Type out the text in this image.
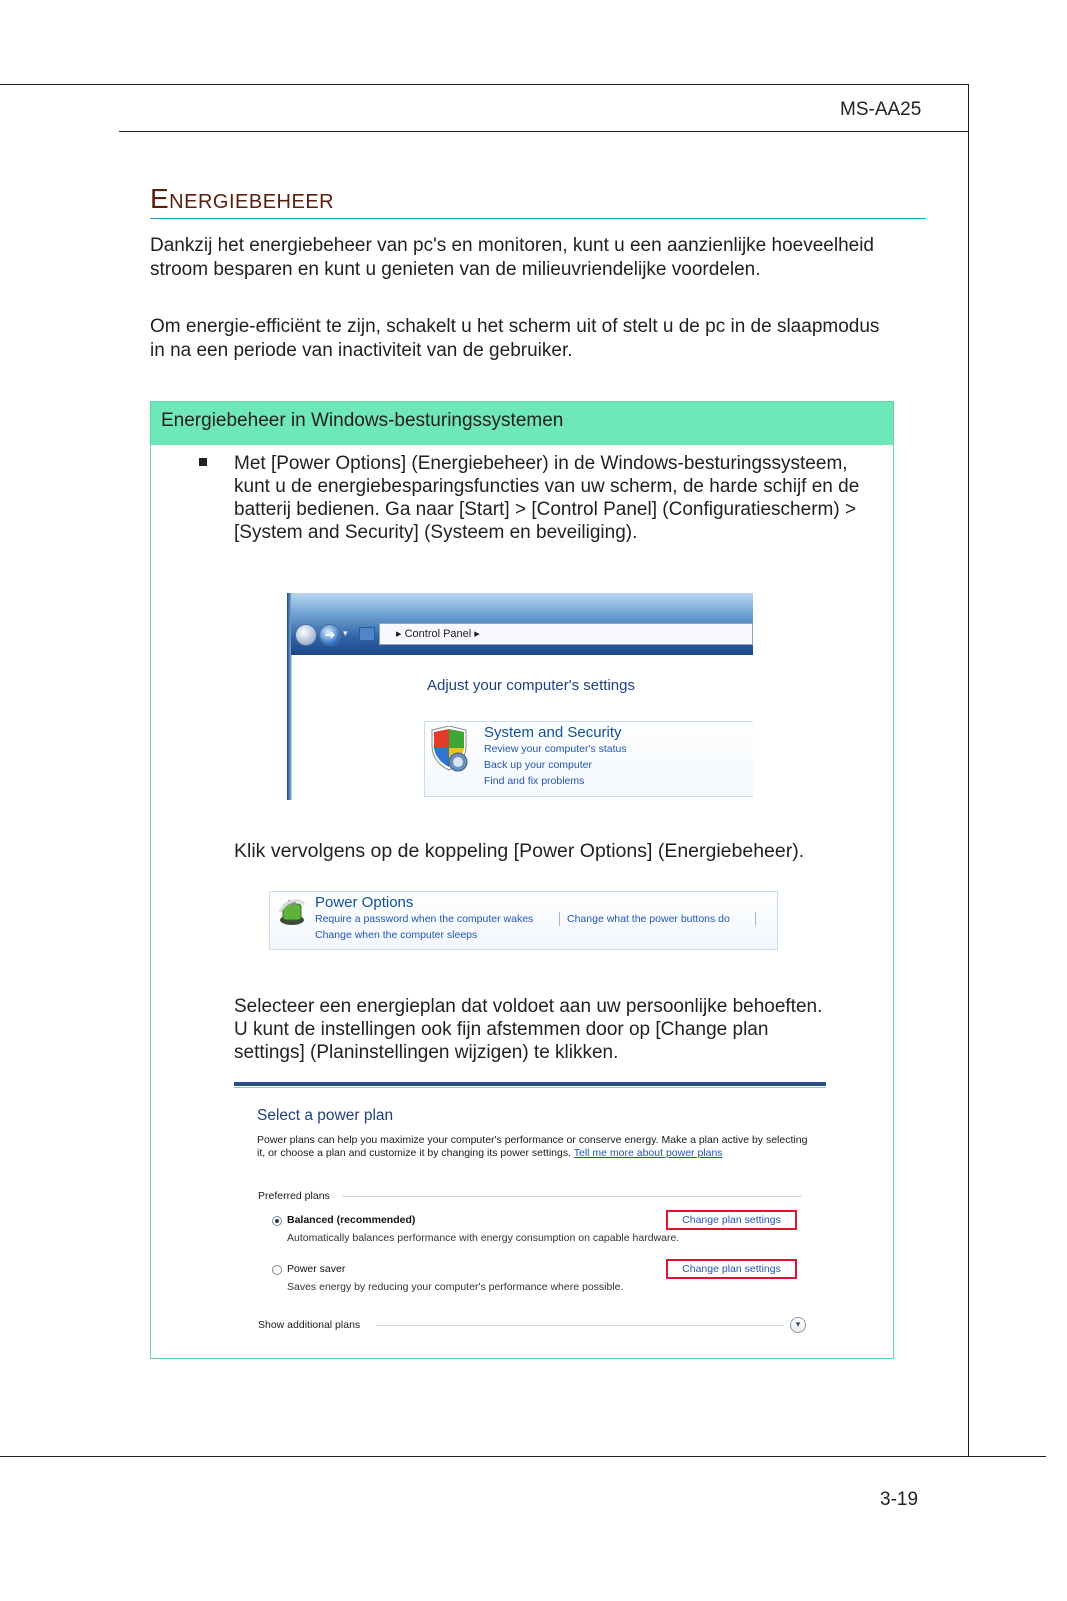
MS-AA25
Energiebeheer
Dankzij het energiebeheer van pc's en monitoren, kunt u een aanzienlijke hoeveelheid stroom besparen en kunt u genieten van de milieuvriendelijke voordelen.
Om energie-efficiënt te zijn, schakelt u het scherm uit of stelt u de pc in de slaapmodus in na een periode van inactiviteit van de gebruiker.
Energiebeheer in Windows-besturingssystemen
Met [Power Options] (Energiebeheer) in de Windows-besturingssysteem, kunt u de energiebesparingsfuncties van uw scherm, de harde schijf en de batterij bedienen. Ga naar [Start] > [Control Panel] (Configuratiescherm) > [System and Security] (Systeem en beveiliging).
➜ ▾	▸ Control Panel ▸
Adjust your computer's settings
System and Security
Review your computer's status
Back up your computer
Find and fix problems
Klik vervolgens op de koppeling [Power Options] (Energiebeheer).
Power Options
Require a password when the computer wakes	Change what the power buttons do
Change when the computer sleeps
Selecteer een energieplan dat voldoet aan uw persoonlijke behoeften. U kunt de instellingen ook fijn afstemmen door op [Change plan settings] (Planinstellingen wijzigen) te klikken.
Select a power plan
Power plans can help you maximize your computer's performance or conserve energy. Make a plan active by selecting it, or choose a plan and customize it by changing its power settings. Tell me more about power plans
Preferred plans
Balanced (recommended)
Automatically balances performance with energy consumption on capable hardware.
Change plan settings
Power saver
Saves energy by reducing your computer's performance where possible.
Change plan settings
Show additional plans	▾
3-19
